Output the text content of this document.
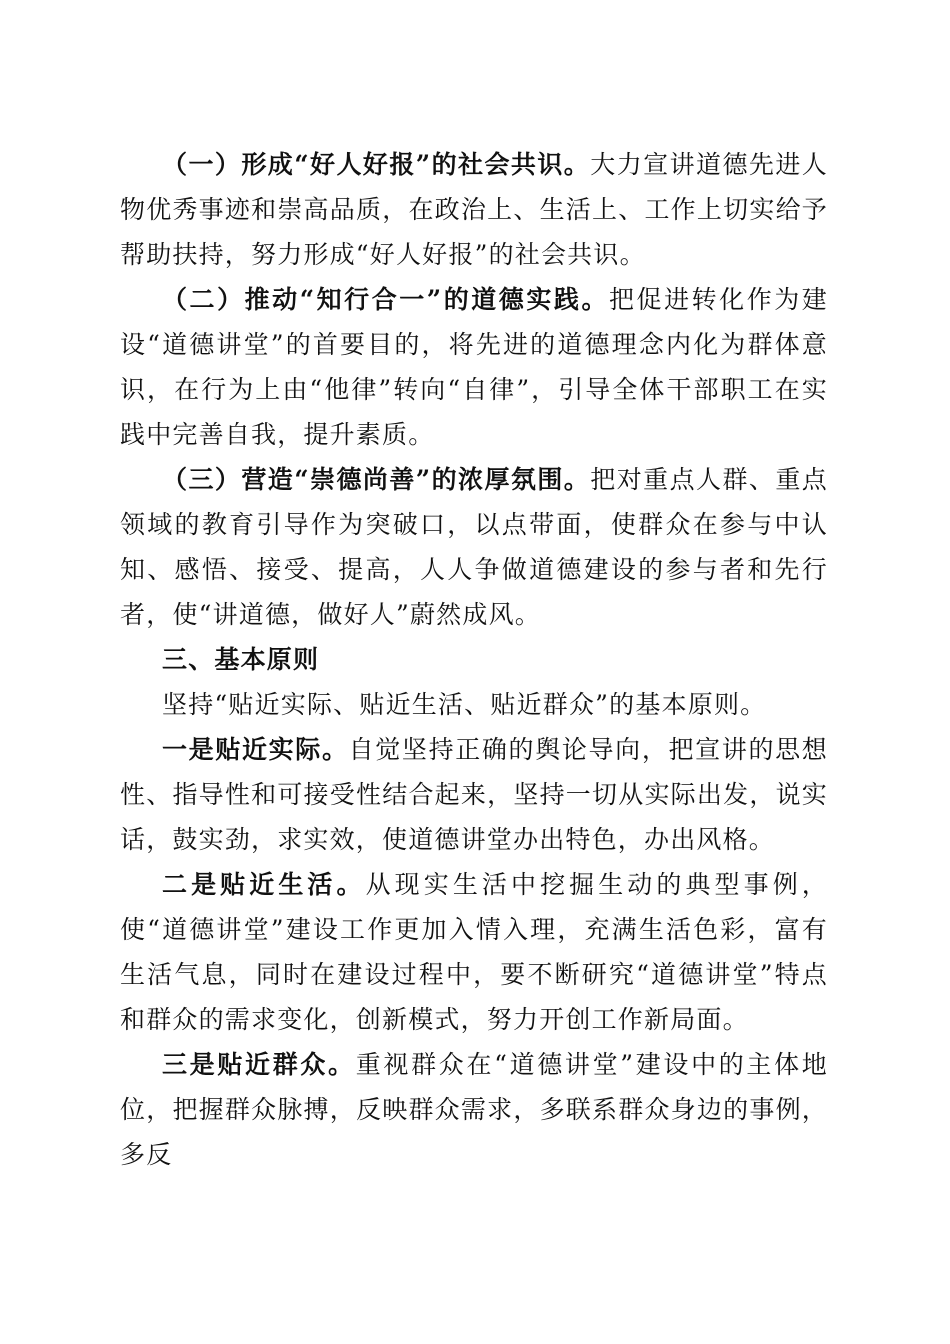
（一）形成“好人好报”的社会共识。大力宣讲道德先进人物优秀事迹和崇高品质，在政治上、生活上、工作上切实给予帮助扶持，努力形成“好人好报”的社会共识。

（二）推动“知行合一”的道德实践。把促进转化作为建设“道德讲堂”的首要目的，将先进的道德理念内化为群体意识，在行为上由“他律”转向“自律”，引导全体干部职工在实践中完善自我，提升素质。

（三）营造“崇德尚善”的浓厚氛围。把对重点人群、重点领域的教育引导作为突破口，以点带面，使群众在参与中认知、感悟、接受、提高，人人争做道德建设的参与者和先行者，使“讲道德，做好人”蔚然成风。

三、基本原则

坚持“贴近实际、贴近生活、贴近群众”的基本原则。

一是贴近实际。自觉坚持正确的舆论导向，把宣讲的思想性、指导性和可接受性结合起来，坚持一切从实际出发，说实话，鼓实劲，求实效，使道德讲堂办出特色，办出风格。

二是贴近生活。从现实生活中挖掘生动的典型事例，使“道德讲堂”建设工作更加入情入理，充满生活色彩，富有生活气息，同时在建设过程中，要不断研究“道德讲堂”特点和群众的需求变化，创新模式，努力开创工作新局面。

三是贴近群众。重视群众在“道德讲堂”建设中的主体地位，把握群众脉搏，反映群众需求，多联系群众身边的事例，多反
